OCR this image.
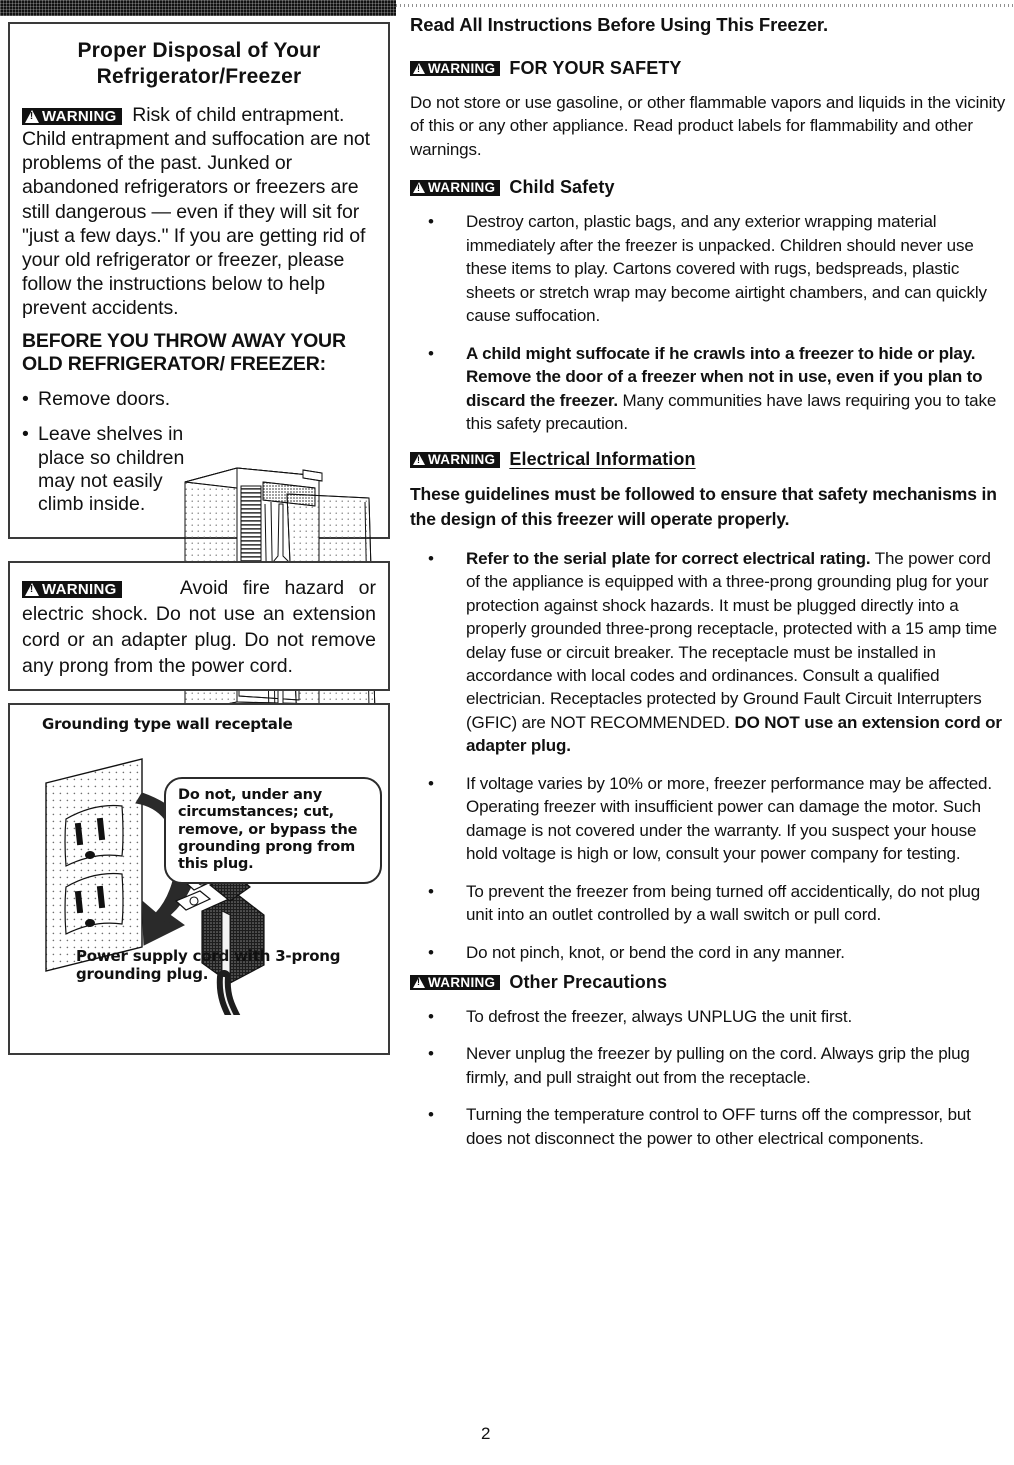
Proper Disposal of Your Refrigerator/Freezer

!
WARNING Risk of child entrapment. Child entrapment and suffocation are not problems of the past. Junked or abandoned refrigerators or freezers are still dangerous — even if they will sit for "just a few days." If you are getting rid of your old refrigerator or freezer, please follow the instructions below to help prevent accidents.

BEFORE YOU THROW AWAY YOUR OLD REFRIGERATOR/ FREEZER:
• Remove doors.
• Leave shelves in place so children may not easily climb inside.

!
WARNING	Avoid fire hazard or electric shock. Do not use an extension cord or an adapter plug. Do not remove any prong from the power cord.

Grounding type wall receptale

Do not, under any circumstances; cut, remove, or bypass the grounding prong from this plug.

Power supply cord with 3-prong grounding plug.

Read All Instructions Before Using This Freezer.
!
WARNING FOR YOUR SAFETY

Do not store or use gasoline, or other flammable vapors and liquids in the vicinity of this or any other appliance. Read product labels for flammability and other warnings.

!
WARNING Child Safety
•	Destroy carton, plastic bags, and any exterior wrapping material immediately after the freezer is unpacked. Children should never use these items to play. Cartons covered with rugs, bedspreads, plastic sheets or stretch wrap may become airtight chambers, and can quickly cause suffocation.
•	A child might suffocate if he crawls into a freezer to hide or play. Remove the door of a freezer when not in use, even if you plan to discard the freezer. Many communities have laws requiring you to take this safety precaution.
!
WARNING Electrical Information

These guidelines must be followed to ensure that safety mechanisms in the design of this freezer will operate properly.

•	Refer to the serial plate for correct electrical rating. The power cord of the appliance is equipped with a three-prong grounding plug for your protection against shock hazards. It must be plugged directly into a properly grounded three-prong receptacle, protected with a 15 amp time delay fuse or circuit breaker. The receptacle must be installed in accordance with local codes and ordinances. Consult a qualified electrician. Receptacles protected by Ground Fault Circuit Interrupters (GFIC) are NOT RECOMMENDED. DO NOT use an extension cord or adapter plug.
•	If voltage varies by 10% or more, freezer performance may be affected. Operating freezer with insufficient power can damage the motor. Such damage is not covered under the warranty. If you suspect your house hold voltage is high or low, consult your power company for testing.
•	To prevent the freezer from being turned off accidentically, do not plug unit into an outlet controlled by a wall switch or pull cord.
•	Do not pinch, knot, or bend the cord in any manner.
!
WARNING Other Precautions
•	To defrost the freezer, always UNPLUG the unit first.
•	Never unplug the freezer by pulling on the cord. Always grip the plug firmly, and pull straight out from the receptacle.
•	Turning the temperature control to OFF turns off the compressor, but does not disconnect the power to other electrical components.
2
